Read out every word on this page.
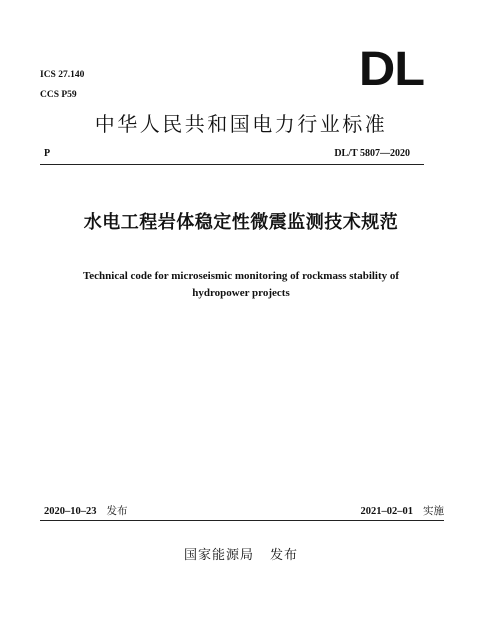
ICS 27.140
CCS P59	DL
中华人民共和国电力行业标准
P	DL/T 5807—2020
水电工程岩体稳定性微震监测技术规范
Technical code for microseismic monitoring of rockmass stability of
hydropower projects
2020–10–23 发布	2021–02–01 实施
国家能源局 发布
